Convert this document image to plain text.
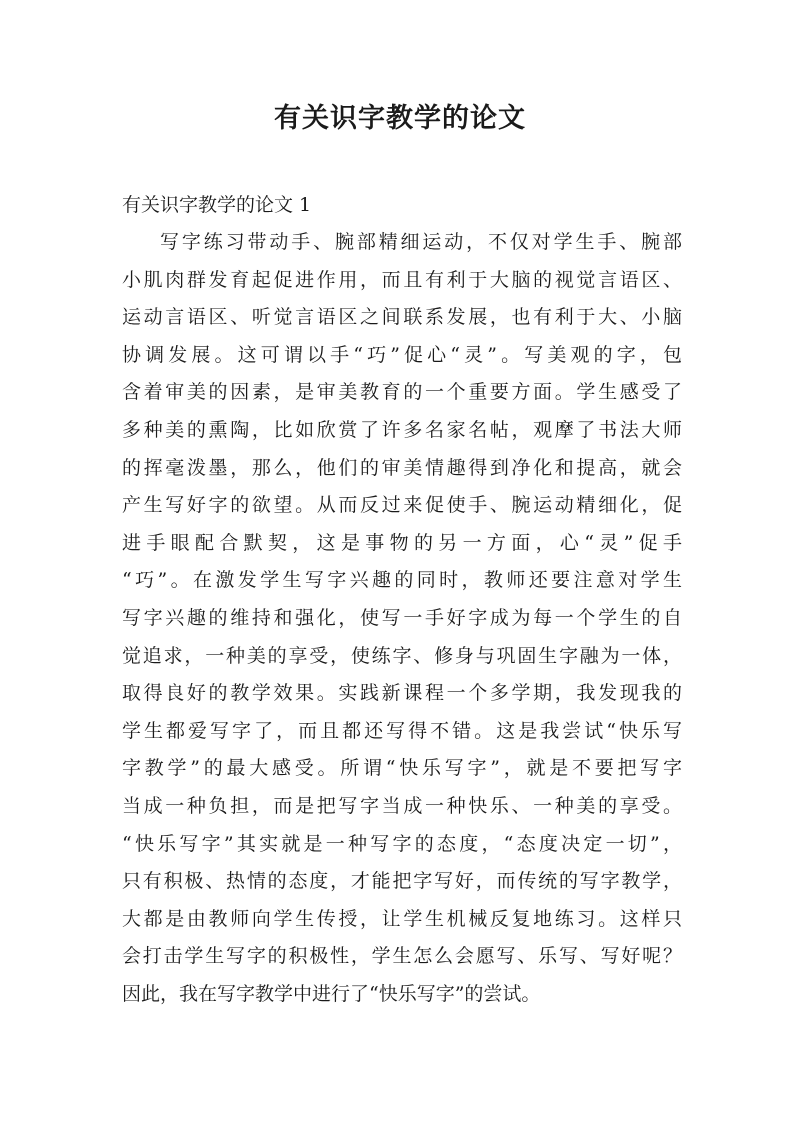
有关识字教学的论文

有关识字教学的论文 1

写字练习带动手、腕部精细运动，不仅对学生手、腕部
小肌肉群发育起促进作用，而且有利于大脑的视觉言语区、
运动言语区、听觉言语区之间联系发展，也有利于大、小脑
协调发展。这可谓以手“巧”促心“灵”。写美观的字，包
含着审美的因素，是审美教育的一个重要方面。学生感受了
多种美的熏陶，比如欣赏了许多名家名帖，观摩了书法大师
的挥毫泼墨，那么，他们的审美情趣得到净化和提高，就会
产生写好字的欲望。从而反过来促使手、腕运动精细化，促
进手眼配合默契，这是事物的另一方面，心“灵”促手
“巧”。在激发学生写字兴趣的同时，教师还要注意对学生
写字兴趣的维持和强化，使写一手好字成为每一个学生的自
觉追求，一种美的享受，使练字、修身与巩固生字融为一体，
取得良好的教学效果。实践新课程一个多学期，我发现我的
学生都爱写字了，而且都还写得不错。这是我尝试“快乐写
字教学”的最大感受。所谓“快乐写字”，就是不要把写字
当成一种负担，而是把写字当成一种快乐、一种美的享受。
“快乐写字”其实就是一种写字的态度，“态度决定一切”，
只有积极、热情的态度，才能把字写好，而传统的写字教学，
大都是由教师向学生传授，让学生机械反复地练习。这样只
会打击学生写字的积极性，学生怎么会愿写、乐写、写好呢？
因此，我在写字教学中进行了“快乐写字”的尝试。
